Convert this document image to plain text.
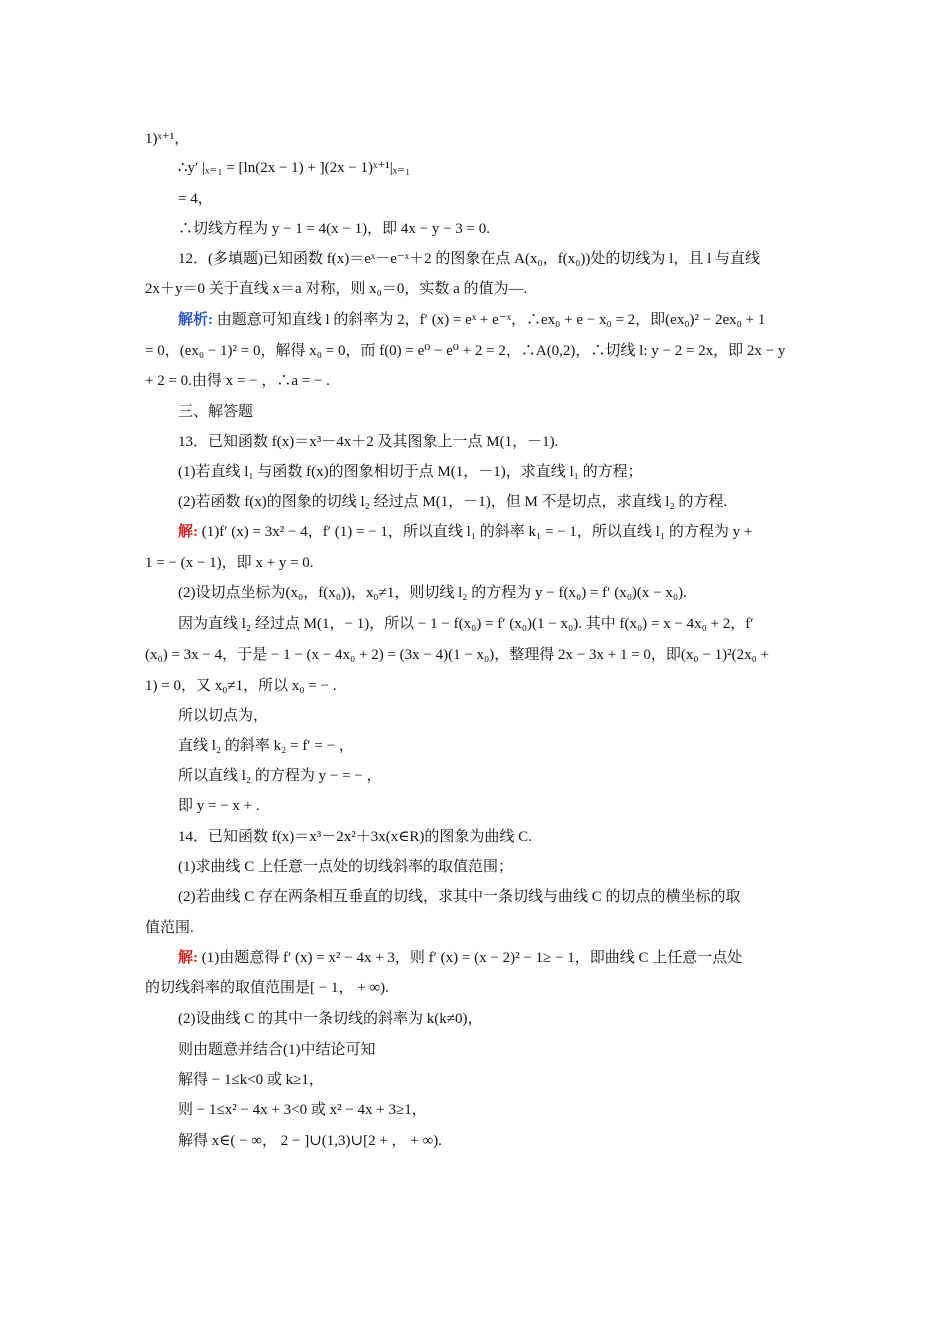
1)ˣ⁺¹，
∴y′ |ₓ₌₁ = [ln(2x − 1) + ](2x − 1)ˣ⁺¹|ₓ₌₁
= 4，
∴切线方程为 y − 1 = 4(x − 1)，即 4x − y − 3 = 0.
12．(多填题)已知函数 f(x)＝eˣ－e⁻ˣ＋2 的图象在点 A(x₀，f(x₀))处的切线为 l，且 l 与直线
2x＋y＝0 关于直线 x＝a 对称，则 x₀＝0，实数 a 的值为—.
解析: 由题意可知直线 l 的斜率为 2，f′ (x) = eˣ + e⁻ˣ，∴ex₀ + e − x₀ = 2，即(ex₀)² − 2ex₀ + 1
= 0，(ex₀ − 1)² = 0，解得 x₀ = 0，而 f(0) = e⁰ − e⁰ + 2 = 2，∴A(0,2)，∴切线 l: y − 2 = 2x，即 2x − y
+ 2 = 0.由得 x = − ，∴a = − .
三、解答题
13．已知函数 f(x)＝x³－4x＋2 及其图象上一点 M(1，－1).
(1)若直线 l₁ 与函数 f(x)的图象相切于点 M(1，－1)，求直线 l₁ 的方程；
(2)若函数 f(x)的图象的切线 l₂ 经过点 M(1，－1)，但 M 不是切点，求直线 l₂ 的方程.
解: (1)f′ (x) = 3x² − 4，f′ (1) = − 1，所以直线 l₁ 的斜率 k₁ = − 1，所以直线 l₁ 的方程为 y +
1 = − (x − 1)，即 x + y = 0.
(2)设切点坐标为(x₀，f(x₀))，x₀≠1，则切线 l₂ 的方程为 y − f(x₀) = f′ (x₀)(x − x₀).
因为直线 l₂ 经过点 M(1，− 1)，所以 − 1 − f(x₀) = f′ (x₀)(1 − x₀). 其中 f(x₀) = x − 4x₀ + 2，f′
(x₀) = 3x − 4，于是 − 1 − (x − 4x₀ + 2) = (3x − 4)(1 − x₀)，整理得 2x − 3x + 1 = 0，即(x₀ − 1)²(2x₀ +
1) = 0，又 x₀≠1，所以 x₀ = − .
所以切点为，
直线 l₂ 的斜率 k₂ = f′ = − ，
所以直线 l₂ 的方程为 y − = − ，
即 y = − x + .
14．已知函数 f(x)＝x³－2x²＋3x(x∈R)的图象为曲线 C.
(1)求曲线 C 上任意一点处的切线斜率的取值范围；
(2)若曲线 C 存在两条相互垂直的切线，求其中一条切线与曲线 C 的切点的横坐标的取
值范围.
解: (1)由题意得 f′ (x) = x² − 4x + 3，则 f′ (x) = (x − 2)² − 1≥ − 1，即曲线 C 上任意一点处
的切线斜率的取值范围是[ − 1， + ∞).
(2)设曲线 C 的其中一条切线的斜率为 k(k≠0)，
则由题意并结合(1)中结论可知
解得 − 1≤k<0 或 k≥1，
则 − 1≤x² − 4x + 3<0 或 x² − 4x + 3≥1，
解得 x∈( − ∞， 2 − ]∪(1,3)∪[2 + ， + ∞).
